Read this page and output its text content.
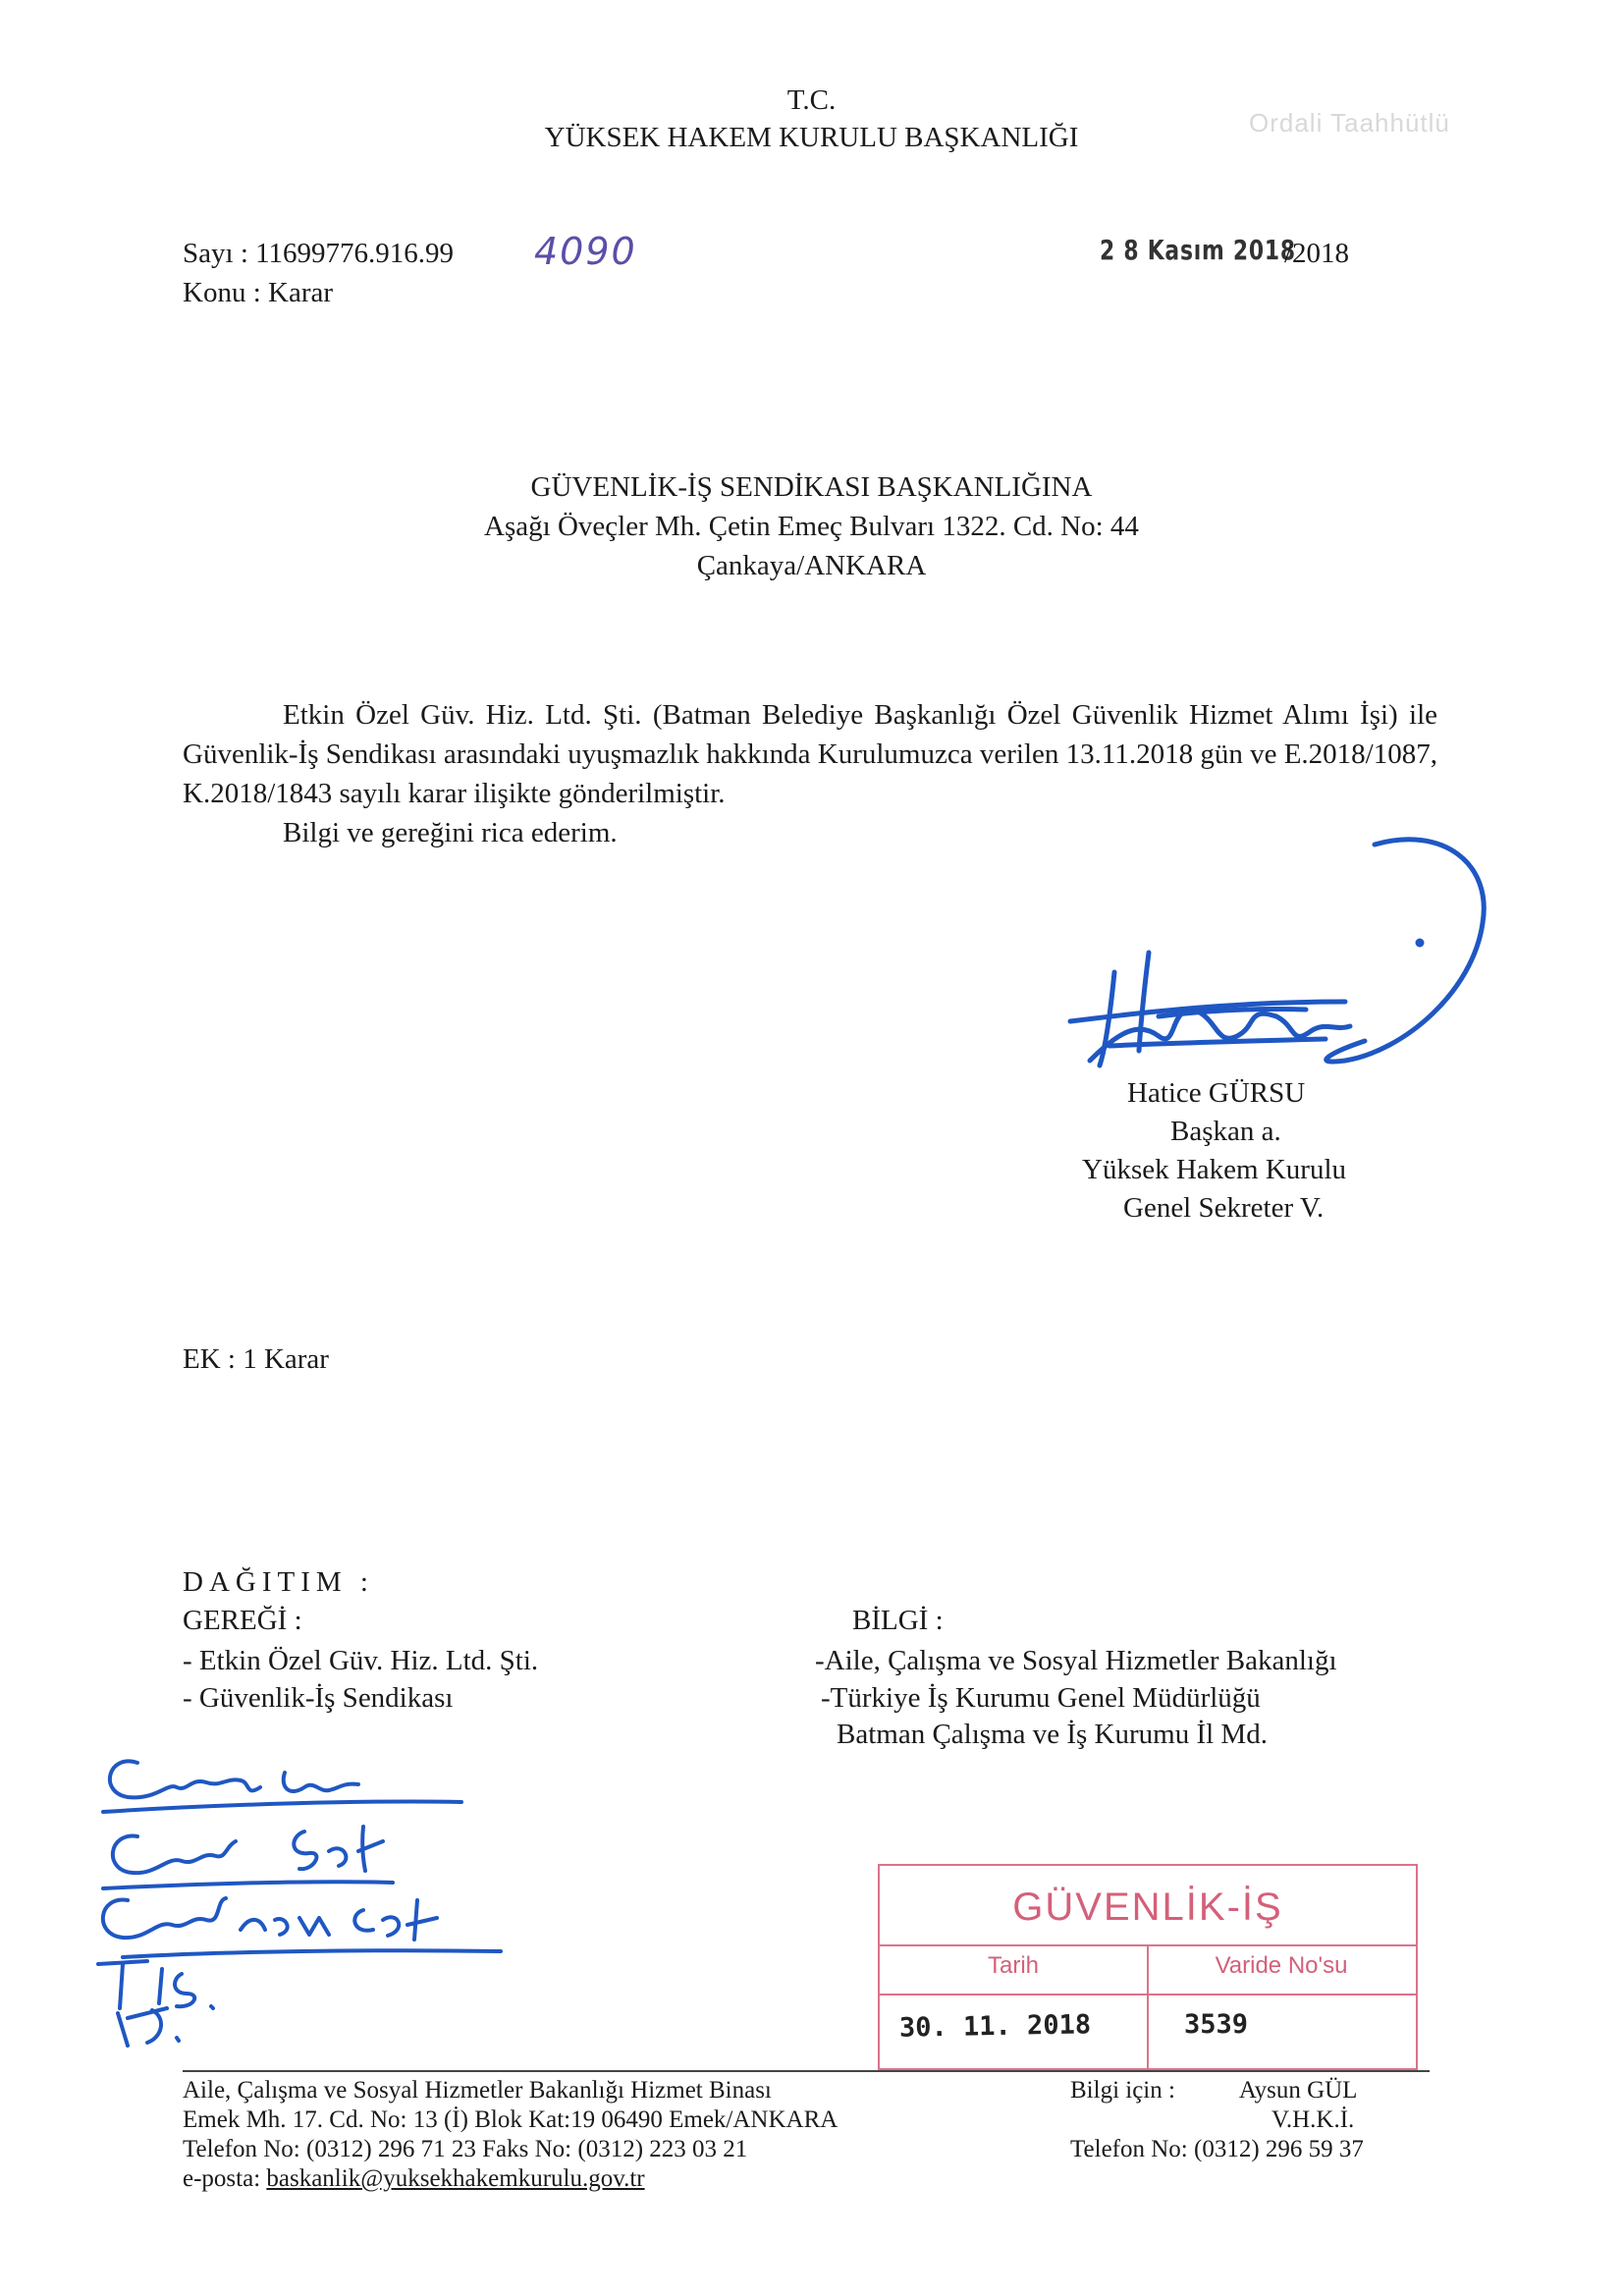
T.C.
YÜKSEK HAKEM KURULU BAŞKANLIĞI	Ordali Taahhütlü
Sayı : 11699776.916.99 4090
Konu : Karar
2 8 Kasım 2018
/2018
GÜVENLİK-İŞ SENDİKASI BAŞKANLIĞINA
Aşağı Öveçler Mh. Çetin Emeç Bulvarı 1322. Cd. No: 44
Çankaya/ANKARA

Etkin Özel Güv. Hiz. Ltd. Şti. (Batman Belediye Başkanlığı Özel Güvenlik Hizmet Alımı İşi) ile Güvenlik-İş Sendikası arasındaki uyuşmazlık hakkında Kurulumuzca verilen 13.11.2018 gün ve E.2018/1087, K.2018/1843 sayılı karar ilişikte gönderilmiştir.

Bilgi ve gereğini rica ederim.

Hatice GÜRSU
Başkan a.
Yüksek Hakem Kurulu
Genel Sekreter V.
EK : 1 Karar
DAĞITIM :
GEREĞİ :
- Etkin Özel Güv. Hiz. Ltd. Şti.
- Güvenlik-İş Sendikası
BİLGİ :
-Aile, Çalışma ve Sosyal Hizmetler Bakanlığı
-Türkiye İş Kurumu Genel Müdürlüğü
Batman Çalışma ve İş Kurumu İl Md.
GÜVENLİK-İŞ
Tarih	Varide No'su
30. 11. 2018	3539
Aile, Çalışma ve Sosyal Hizmetler Bakanlığı Hizmet Binası
Emek Mh. 17. Cd. No: 13 (İ) Blok Kat:19 06490 Emek/ANKARA
Telefon No: (0312) 296 71 23 Faks No: (0312) 223 03 21
e-posta: baskanlik@yuksekhakemkurulu.gov.tr
Bilgi için :	Aysun GÜL
V.H.K.İ.
Telefon No: (0312) 296 59 37
